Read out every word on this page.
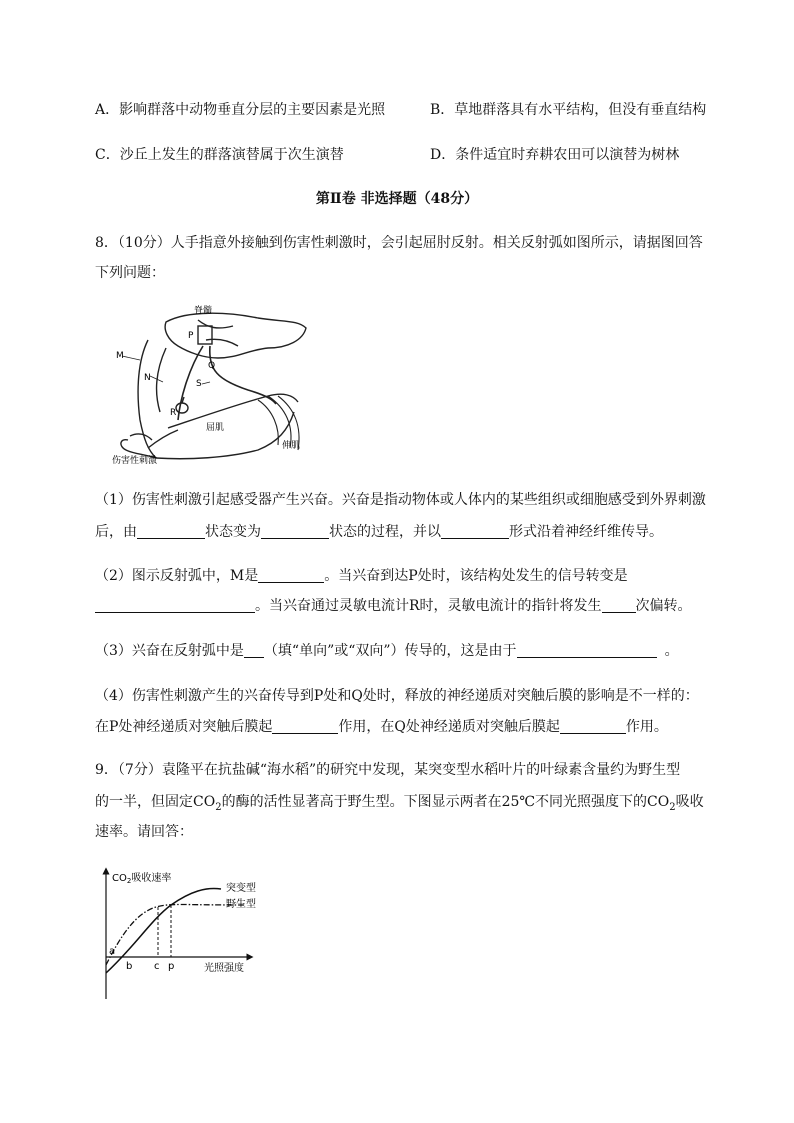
A．影响群落中动物垂直分层的主要因素是光照	B．草地群落具有水平结构，但没有垂直结构
C．沙丘上发生的群落演替属于次生演替	D．条件适宜时弃耕农田可以演替为树林
第Ⅱ卷 非选择题（48分）
8．（10分）人手指意外接触到伤害性刺激时，会引起屈肘反射。相关反射弧如图所示，请据图回答
下列问题：
脊髓
M
N
S
P
Q
R
屈肌
伸肌
伤害性刺激
（1）伤害性刺激引起感受器产生兴奋。兴奋是指动物体或人体内的某些组织或细胞感受到外界刺激
后，由	状态变为	状态的过程，并以	形式沿着神经纤维传导。
（2）图示反射弧中，M是	。当兴奋到达P处时，该结构处发生的信号转变是
。当兴奋通过灵敏电流计R时，灵敏电流计的指针将发生 次偏转。
（3）兴奋在反射弧中是 （填“单向”或“双向”）传导的，这是由于	。
（4）伤害性刺激产生的兴奋传导到P处和Q处时，释放的神经递质对突触后膜的影响是不一样的：
在P处神经递质对突触后膜起	作用，在Q处神经递质对突触后膜起	作用。
9．（7分）袁隆平在抗盐碱“海水稻”的研究中发现，某突变型水稻叶片的叶绿素含量约为野生型
的一半，但固定$CO_2$的酶的活性显著高于野生型。下图显示两者在25℃不同光照强度下的$CO_2$吸收
速率。请回答：
$CO_2$吸收速率
突变型
野生型
a
b c p	光照强度
